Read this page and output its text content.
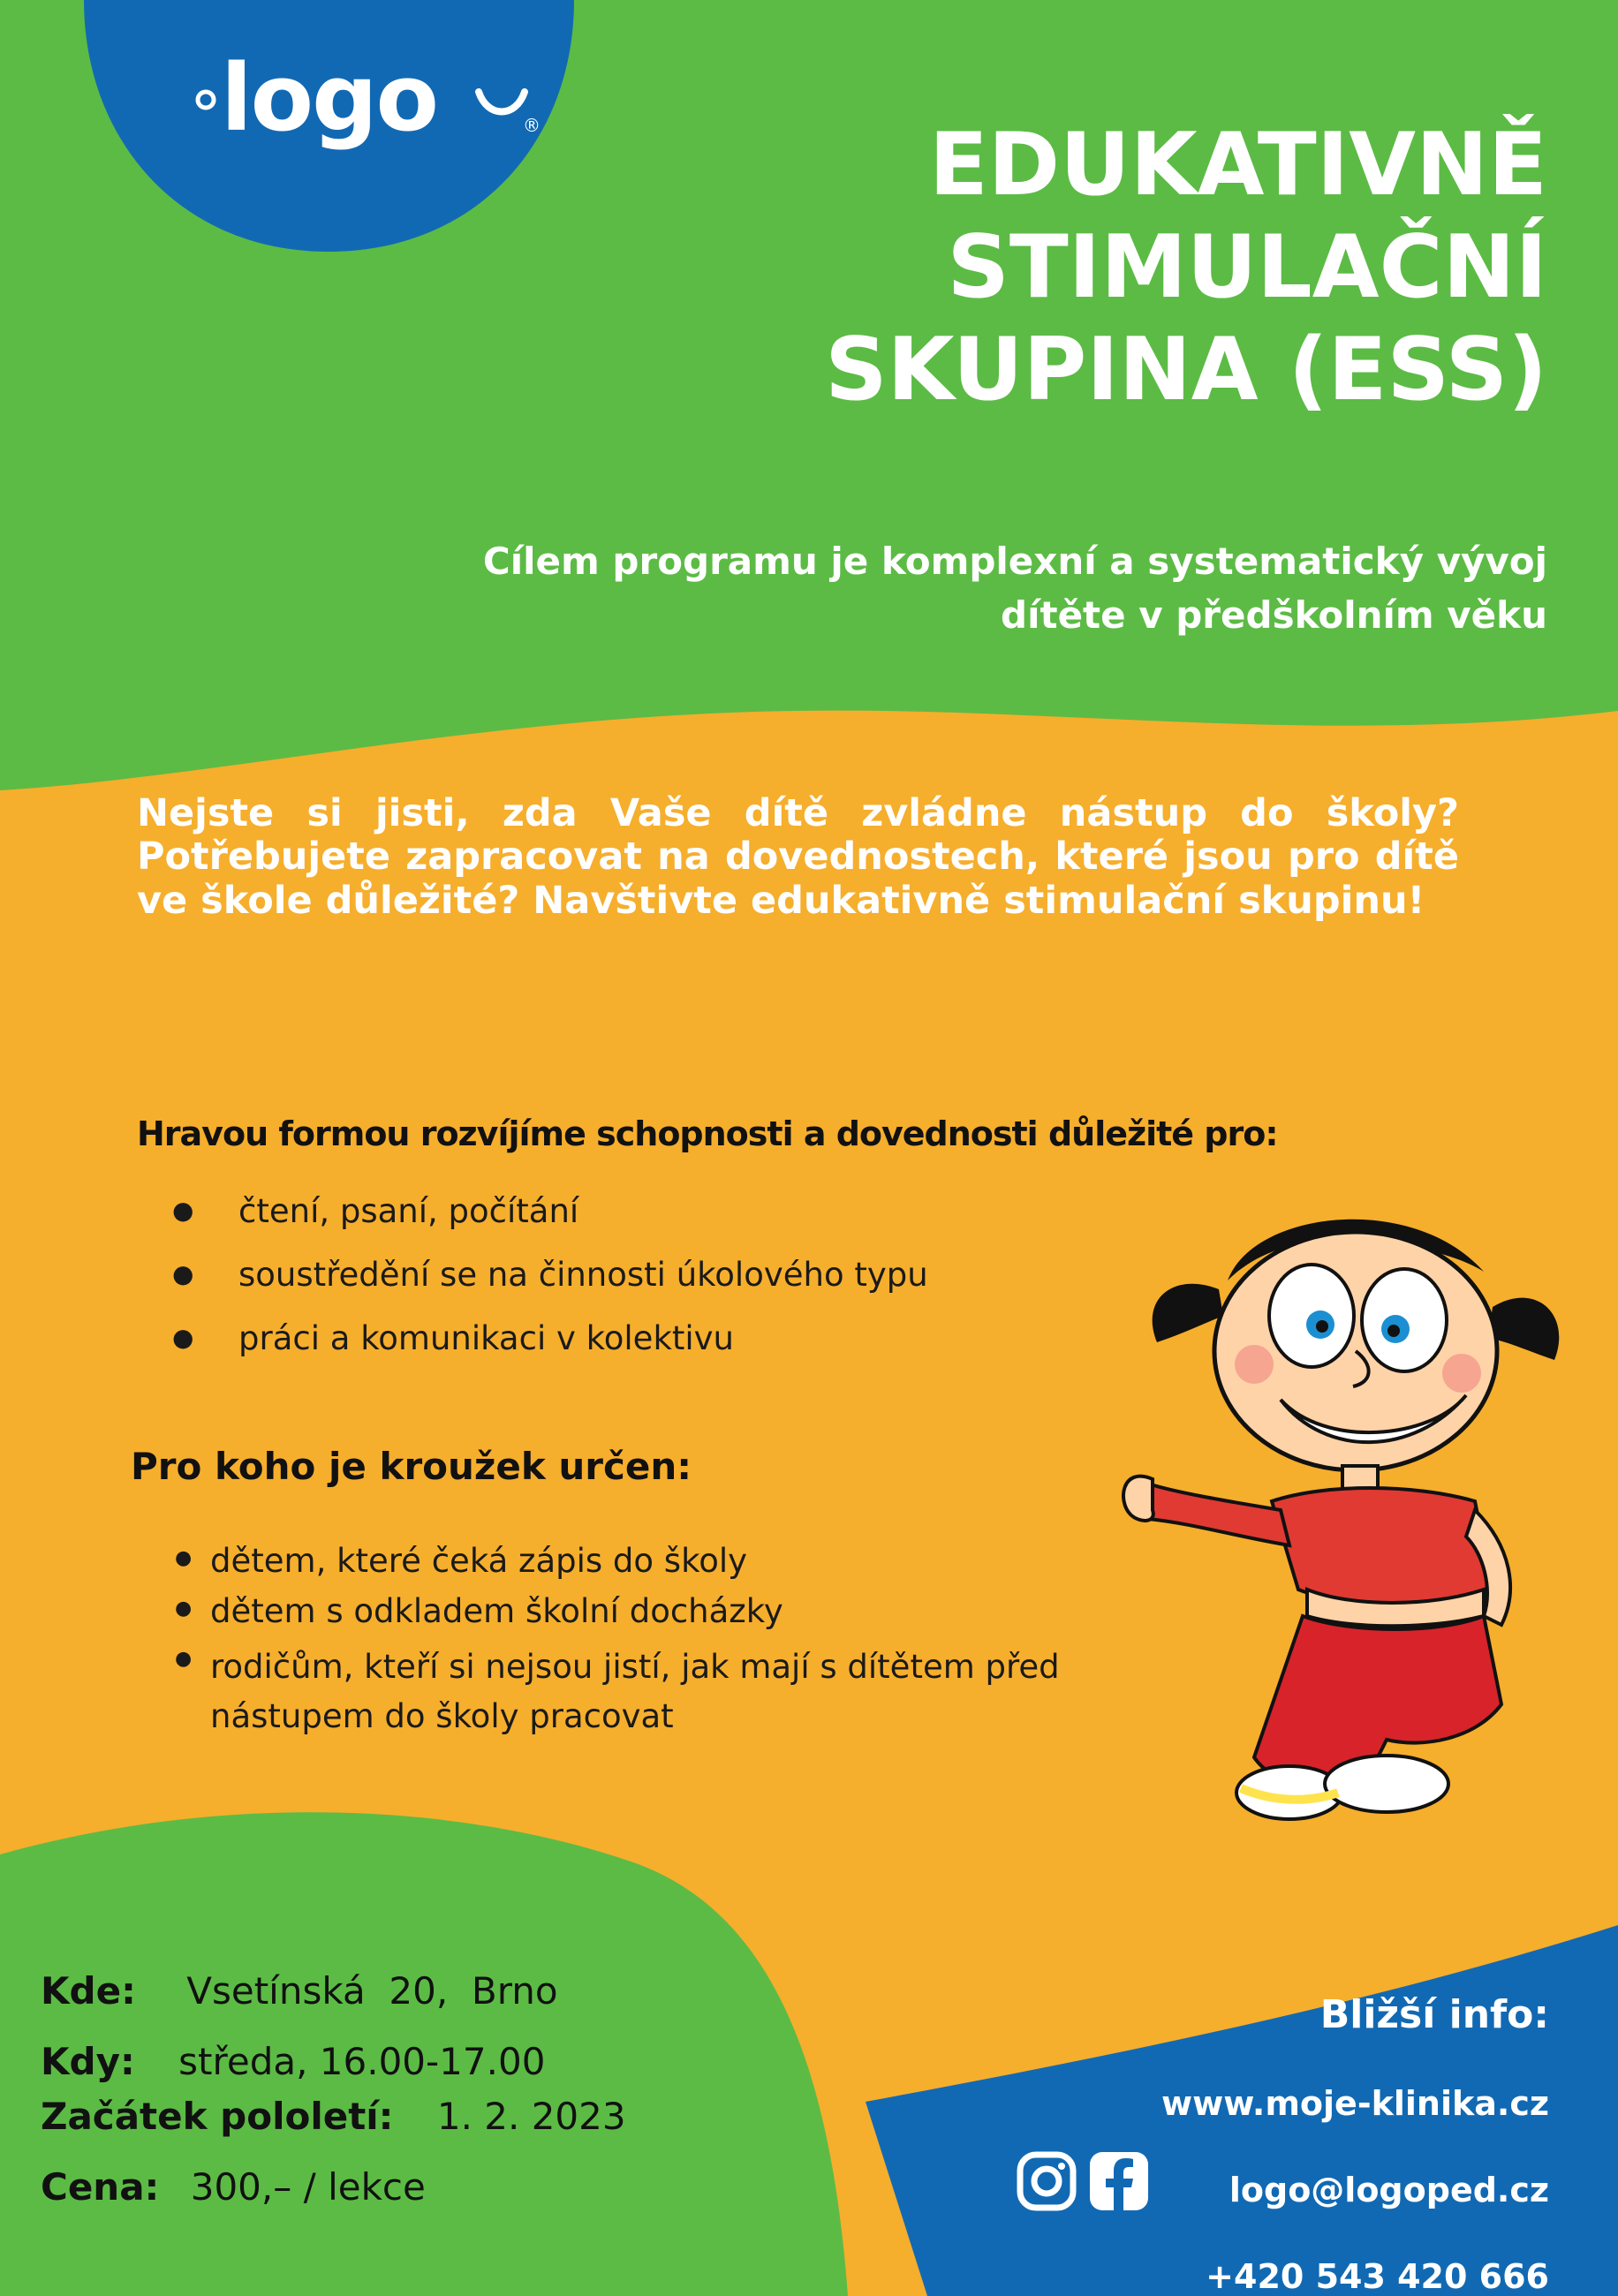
logo	®	EDUKATIVNĚ
STIMULAČNÍ
SKUPINA (ESS)
Cílem programu je komplexní a systematický vývoj
dítěte v předškolním věku
Nejste si jisti, zda Vaše dítě zvládne nástup do školy? Potřebujete zapracovat na dovednostech, které jsou pro dítě ve škole důležité? Navštivte edukativně stimulační skupinu!
Hravou formou rozvíjíme schopnosti a dovednosti důležité pro:
● čtení, psaní, počítání
● soustředění se na činnosti úkolového typu
● práci a komunikaci v kolektivu
Pro koho je kroužek určen:
● dětem, které čeká zápis do školy
● dětem s odkladem školní docházky
● rodičům, kteří si nejsou jistí, jak mají s dítětem před nástupem do školy pracovat
Kde: Vsetínská  20,  Brno
Kdy: středa, 16.00-17.00
Začátek pololetí: 1. 2. 2023
Cena: 300,– / lekce
Bližší info:
www.moje-klinika.cz
logo@logoped.cz
+420 543 420 666
